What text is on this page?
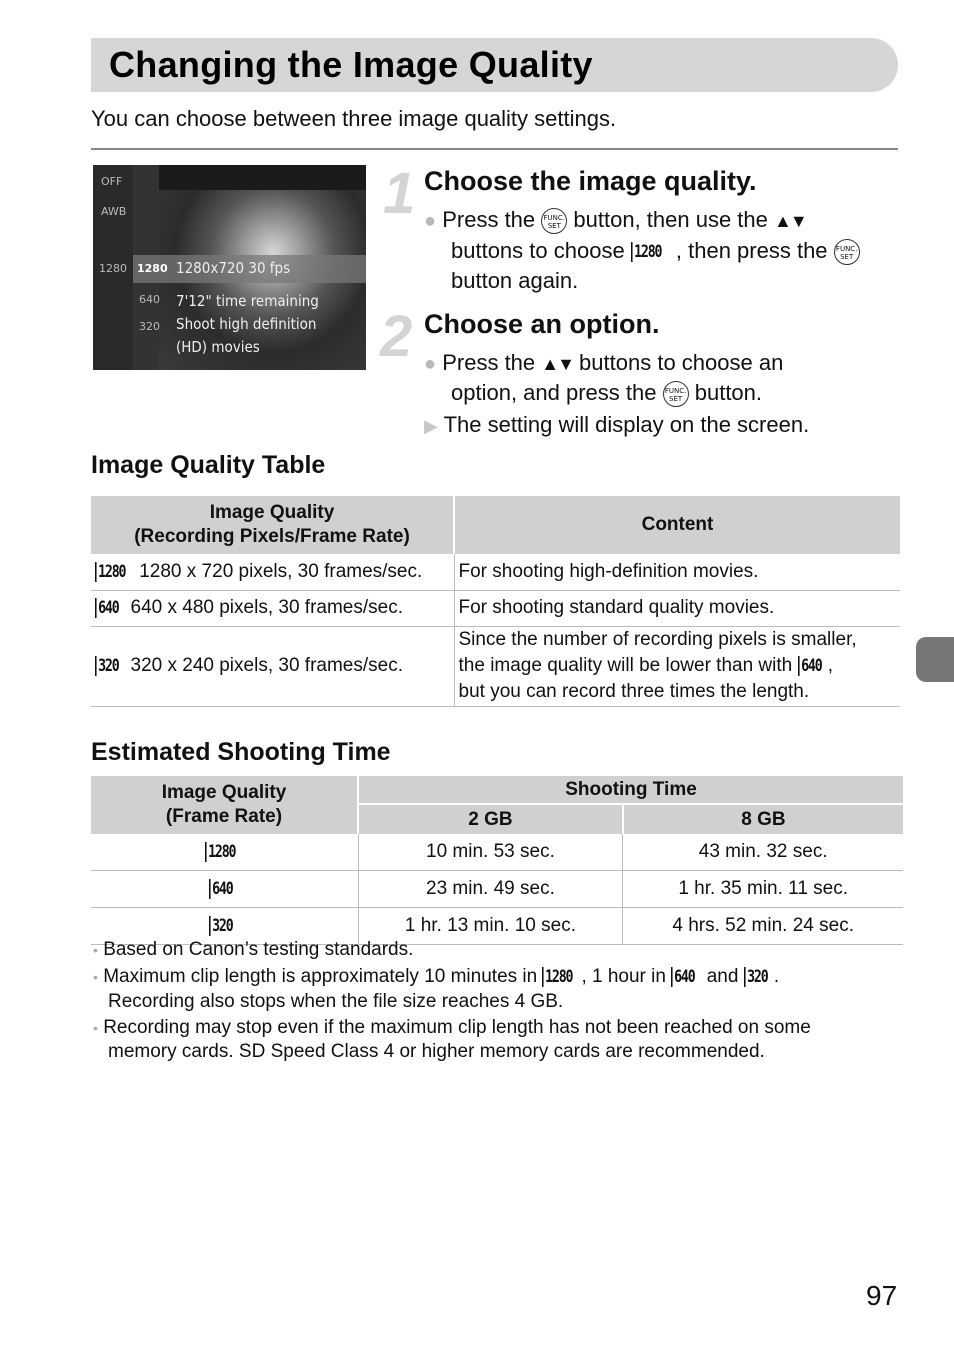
Changing the Image Quality
You can choose between three image quality settings.
OFF
AWB
1280 1280
640
320
1280x720 30 fps
7'12" time remaining
Shoot high definition
(HD) movies
1 Choose the image quality.
● Press the FUNC.
SET button, then use the ▲▼
buttons to choose 1280 , then press the FUNC.
SET
button again.
2 Choose an option.
● Press the ▲▼ buttons to choose an
option, and press the FUNC.
SET button.
▶ The setting will display on the screen.
Image Quality Table
Image Quality
(Recording Pixels/Frame Rate)	Content
1280 1280 x 720 pixels, 30 frames/sec.	For shooting high-definition movies.
640 640 x 480 pixels, 30 frames/sec.	For shooting standard quality movies.
320 320 x 240 pixels, 30 frames/sec.	Since the number of recording pixels is smaller,
the image quality will be lower than with 640 ,
but you can record three times the length.
Estimated Shooting Time
Image Quality
(Frame Rate)	Shooting Time	
	2 GB	8 GB
1280	10 min. 53 sec.	43 min. 32 sec.
640	23 min. 49 sec.	1 hr. 35 min. 11 sec.
320	1 hr. 13 min. 10 sec.	4 hrs. 52 min. 24 sec.
• Based on Canon’s testing standards.
• Maximum clip length is approximately 10 minutes in 1280 , 1 hour in 640 and 320 .
Recording also stops when the file size reaches 4 GB.
• Recording may stop even if the maximum clip length has not been reached on some
memory cards. SD Speed Class 4 or higher memory cards are recommended.
97
